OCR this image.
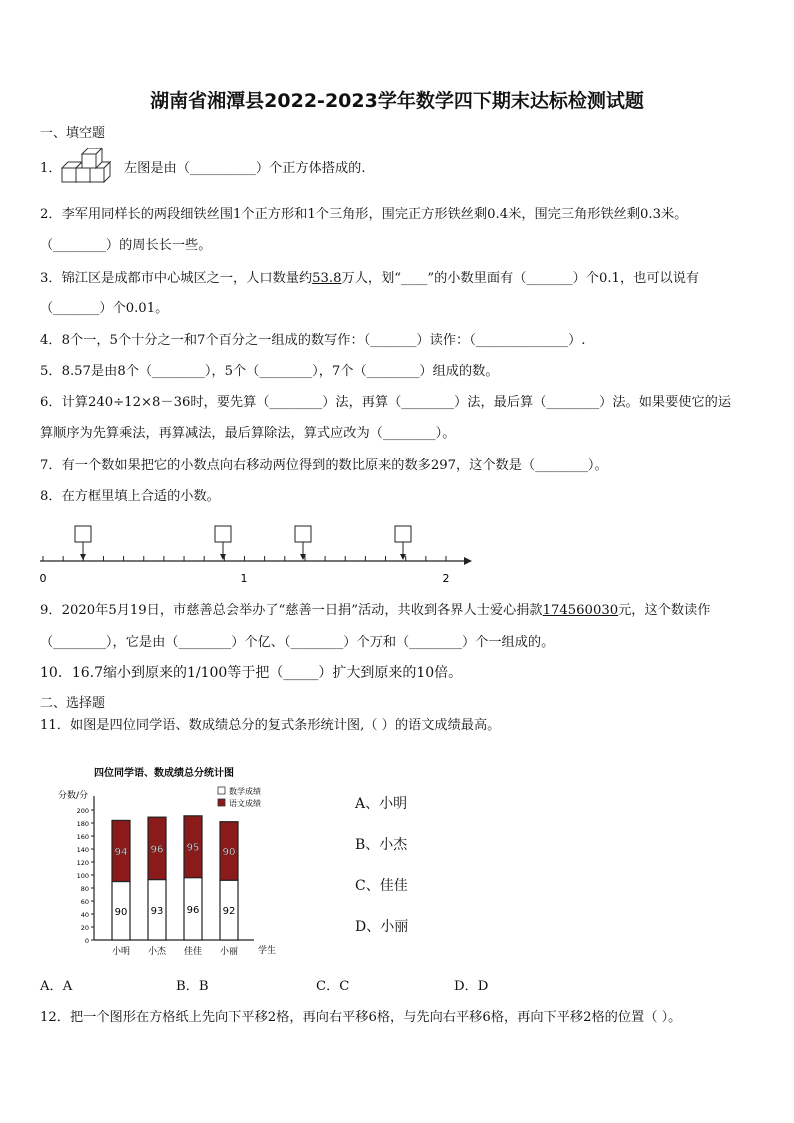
湖南省湘潭县2022-2023学年数学四下期末达标检测试题
一、填空题
1．	左图是由（__________）个正方体搭成的.
2．李军用同样长的两段细铁丝围1个正方形和1个三角形，围完正方形铁丝剩0.4米，围完三角形铁丝剩0.3米。
（________）的周长长一些。
3．锦江区是成都市中心城区之一，人口数量约53.8万人，划“____”的小数里面有（_______）个0.1，也可以说有
（_______）个0.01。
4．8个一，5个十分之一和7个百分之一组成的数写作：（_______）读作：（______________）.
5．8.57是由8个（________），5个（________），7个（________）组成的数。
6．计算240÷12×8－36时，要先算（________）法，再算（________）法，最后算（________）法。如果要使它的运
算顺序为先算乘法，再算减法，最后算除法，算式应改为（________）。
7．有一个数如果把它的小数点向右移动两位得到的数比原来的数多297，这个数是（________）。
8．在方框里填上合适的小数。
0	1	2
9．2020年5月19日，市慈善总会举办了“慈善一日捐”活动，共收到各界人士爱心捐款174560030元，这个数读作
（________），它是由（________）个亿、（________）个万和（________）个一组成的。
10．16.7缩小到原来的1/100等于把（_____）扩大到原来的10倍。
二、选择题
11．如图是四位同学语、数成绩总分的复式条形统计图,（ ）的语文成绩最高。
四位同学语、数成绩总分统计图
分数/分	数学成绩
语文成绩
学生
0
20
40
60
80
100
120
140
160
180
200
90
94
小明
93
96
小杰
96
95
佳佳
92
90
小丽
A、小明
B、小杰
C、佳佳
D、小丽
A．A	B．B	C．C	D．D
12．把一个图形在方格纸上先向下平移2格，再向右平移6格，与先向右平移6格，再向下平移2格的位置（ ）。
